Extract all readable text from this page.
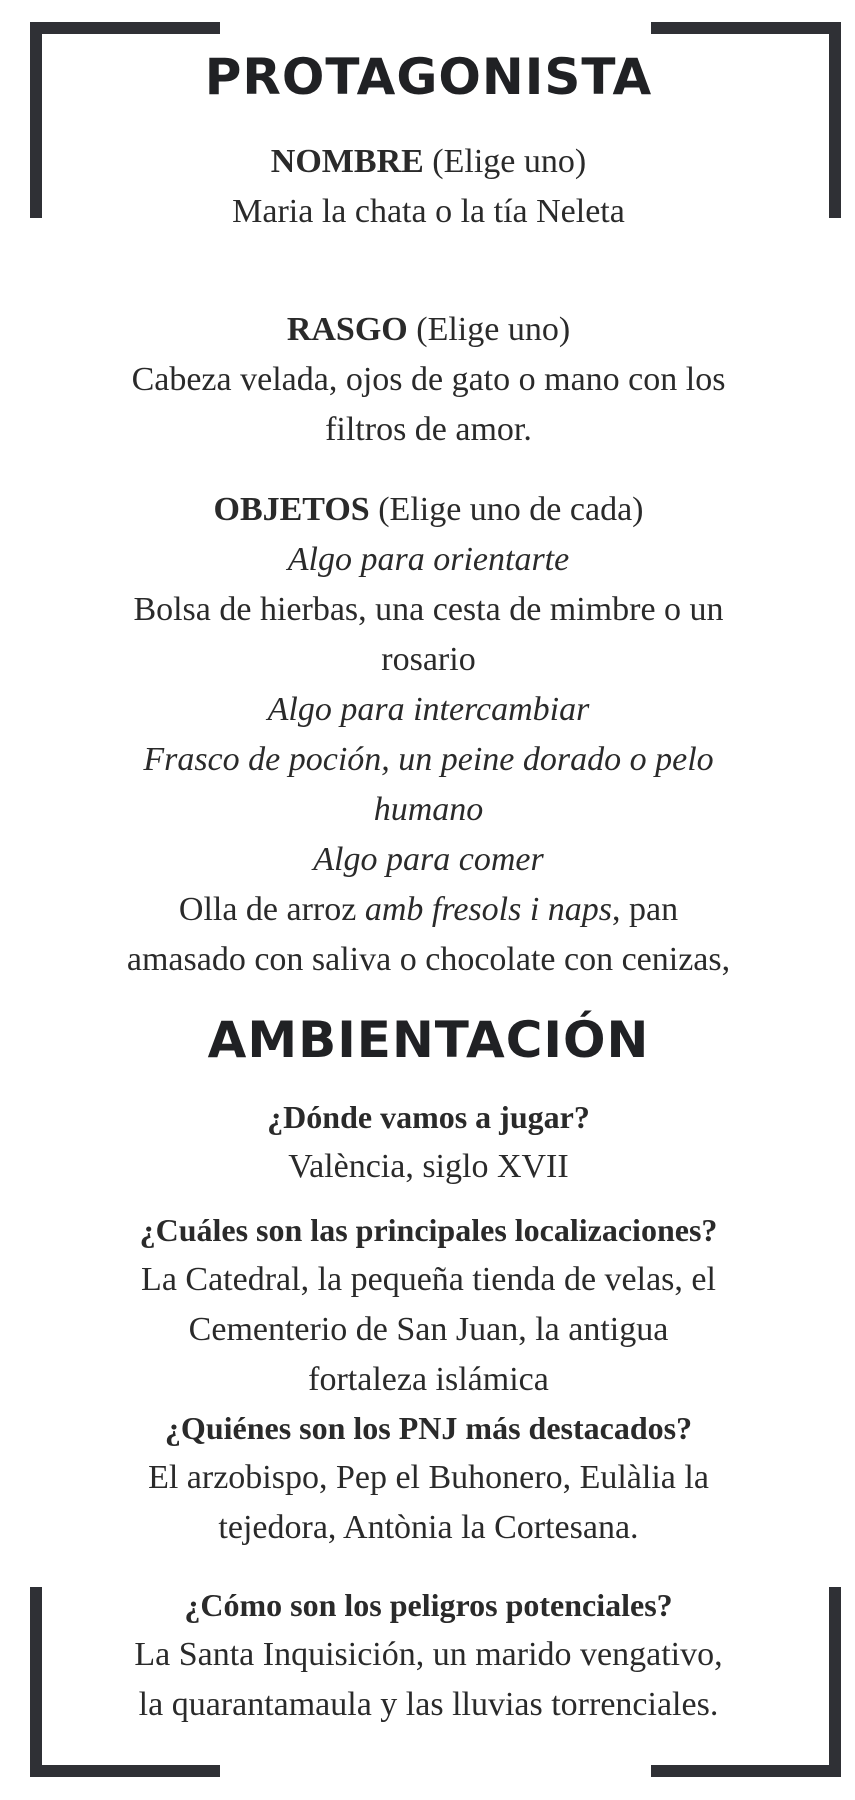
PROTAGONISTA

NOMBRE (Elige uno)

Maria la chata o la tía Neleta

RASGO (Elige uno)

Cabeza velada, ojos de gato o mano con los

filtros de amor.

OBJETOS (Elige uno de cada)

Algo para orientarte

Bolsa de hierbas, una cesta de mimbre o un

rosario

Algo para intercambiar

Frasco de poción, un peine dorado o pelo

humano

Algo para comer

Olla de arroz amb fresols i naps, pan

amasado con saliva o chocolate con cenizas,

AMBIENTACIÓN

¿Dónde vamos a jugar?

València, siglo XVII

¿Cuáles son las principales localizaciones?

La Catedral, la pequeña tienda de velas, el

Cementerio de San Juan, la antigua

fortaleza islámica

¿Quiénes son los PNJ más destacados?

El arzobispo, Pep el Buhonero, Eulàlia la

tejedora, Antònia la Cortesana.

¿Cómo son los peligros potenciales?

La Santa Inquisición, un marido vengativo,

la quarantamaula y las lluvias torrenciales.
